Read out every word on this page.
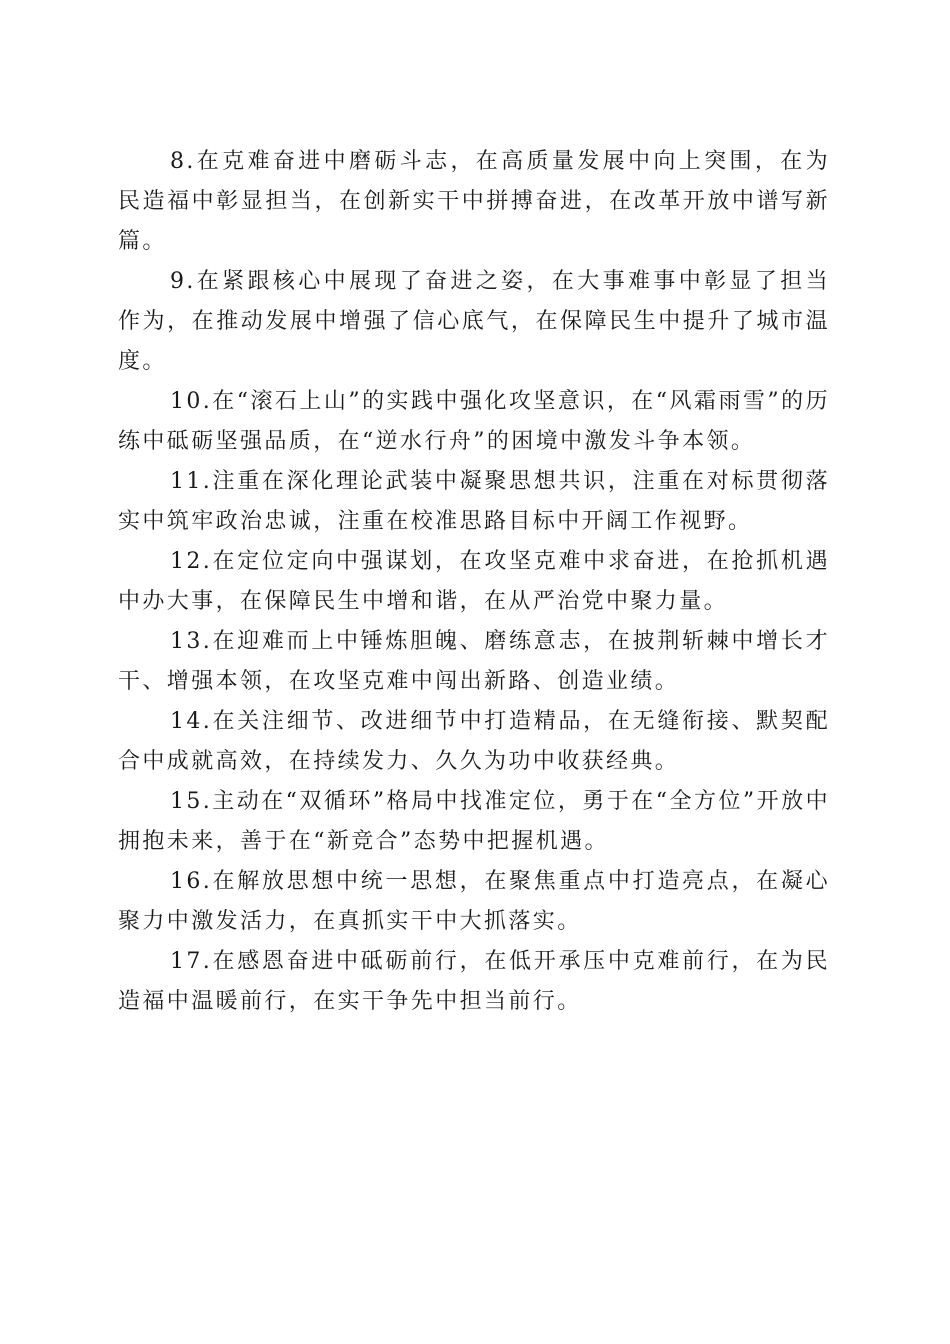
8.在克难奋进中磨砺斗志，在高质量发展中向上突围，在为民造福中彰显担当，在创新实干中拼搏奋进，在改革开放中谱写新篇。

9.在紧跟核心中展现了奋进之姿，在大事难事中彰显了担当作为，在推动发展中增强了信心底气，在保障民生中提升了城市温度。

10.在“滚石上山”的实践中强化攻坚意识，在“风霜雨雪”的历练中砥砺坚强品质，在“逆水行舟”的困境中激发斗争本领。

11.注重在深化理论武装中凝聚思想共识，注重在对标贯彻落实中筑牢政治忠诚，注重在校准思路目标中开阔工作视野。

12.在定位定向中强谋划，在攻坚克难中求奋进，在抢抓机遇中办大事，在保障民生中增和谐，在从严治党中聚力量。

13.在迎难而上中锤炼胆魄、磨练意志，在披荆斩棘中增长才干、增强本领，在攻坚克难中闯出新路、创造业绩。

14.在关注细节、改进细节中打造精品，在无缝衔接、默契配合中成就高效，在持续发力、久久为功中收获经典。

15.主动在“双循环”格局中找准定位，勇于在“全方位”开放中拥抱未来，善于在“新竞合”态势中把握机遇。

16.在解放思想中统一思想，在聚焦重点中打造亮点，在凝心聚力中激发活力，在真抓实干中大抓落实。

17.在感恩奋进中砥砺前行，在低开承压中克难前行，在为民造福中温暖前行，在实干争先中担当前行。
